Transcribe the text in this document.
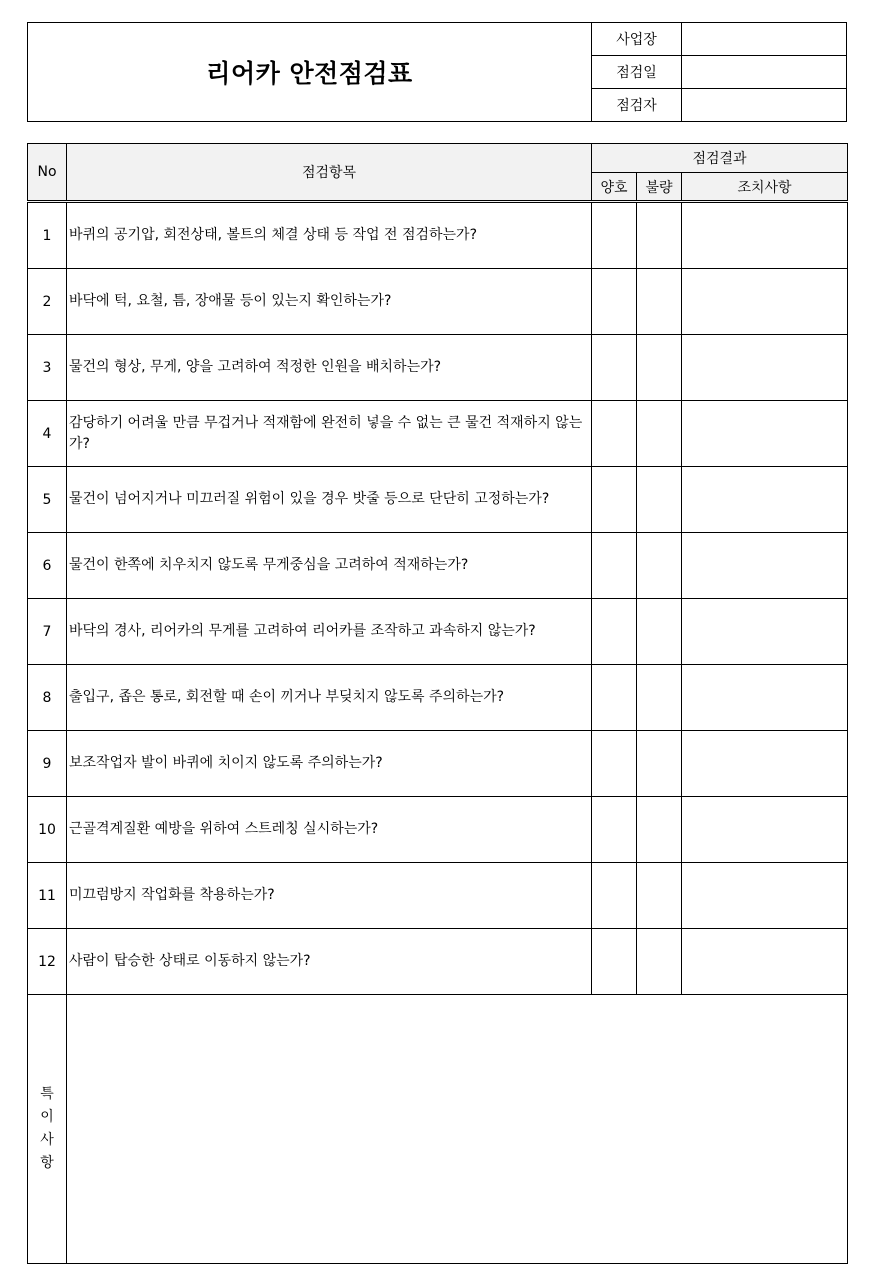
리어카 안전점검표
사업장
점검일
점검자
No	점검항목	점검결과		
		양호	불량	조치사항
1	바퀴의 공기압, 회전상태, 볼트의 체결 상태 등 작업 전 점검하는가?			
2	바닥에 턱, 요철, 틈, 장애물 등이 있는지 확인하는가?			
3	물건의 형상, 무게, 양을 고려하여 적정한 인원을 배치하는가?			
4	감당하기 어려울 만큼 무겁거나 적재함에 완전히 넣을 수 없는 큰 물건 적재하지 않는가?			
5	물건이 넘어지거나 미끄러질 위험이 있을 경우 밧줄 등으로 단단히 고정하는가?			
6	물건이 한쪽에 치우치지 않도록 무게중심을 고려하여 적재하는가?			
7	바닥의 경사, 리어카의 무게를 고려하여 리어카를 조작하고 과속하지 않는가?			
8	출입구, 좁은 통로, 회전할 때 손이 끼거나 부딪치지 않도록 주의하는가?			
9	보조작업자 발이 바퀴에 치이지 않도록 주의하는가?			
10	근골격계질환 예방을 위하여 스트레칭 실시하는가?			
11	미끄럼방지 작업화를 착용하는가?			
12	사람이 탑승한 상태로 이동하지 않는가?			

특
이
사
항				
